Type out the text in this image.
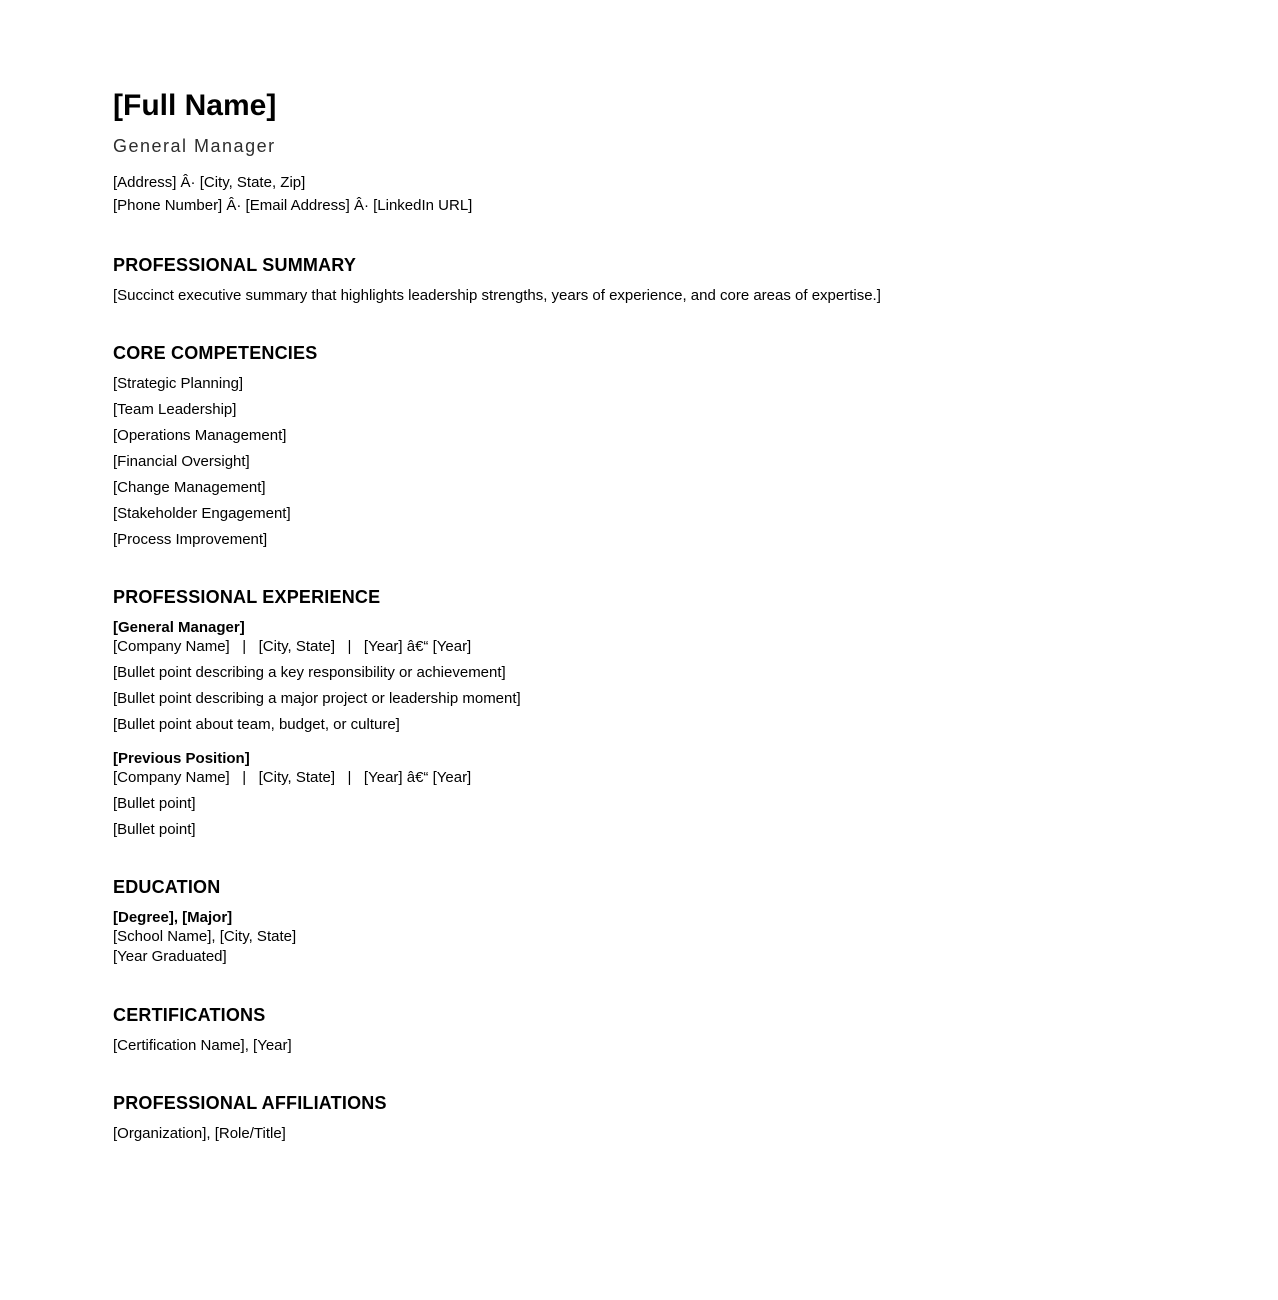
[Full Name]
General Manager
[Address] Â· [City, State, Zip]
[Phone Number] Â· [Email Address] Â· [LinkedIn URL]
PROFESSIONAL SUMMARY

[Succinct executive summary that highlights leadership strengths, years of experience, and core areas of expertise.]

CORE COMPETENCIES

[Strategic Planning]

[Team Leadership]

[Operations Management]

[Financial Oversight]

[Change Management]

[Stakeholder Engagement]

[Process Improvement]

PROFESSIONAL EXPERIENCE

[General Manager]

[Company Name]   |   [City, State]   |   [Year] â€“ [Year]

[Bullet point describing a key responsibility or achievement]

[Bullet point describing a major project or leadership moment]

[Bullet point about team, budget, or culture]

[Previous Position]

[Company Name]   |   [City, State]   |   [Year] â€“ [Year]

[Bullet point]

[Bullet point]

EDUCATION

[Degree], [Major]

[School Name], [City, State]
[Year Graduated]
CERTIFICATIONS

[Certification Name], [Year]

PROFESSIONAL AFFILIATIONS

[Organization], [Role/Title]
